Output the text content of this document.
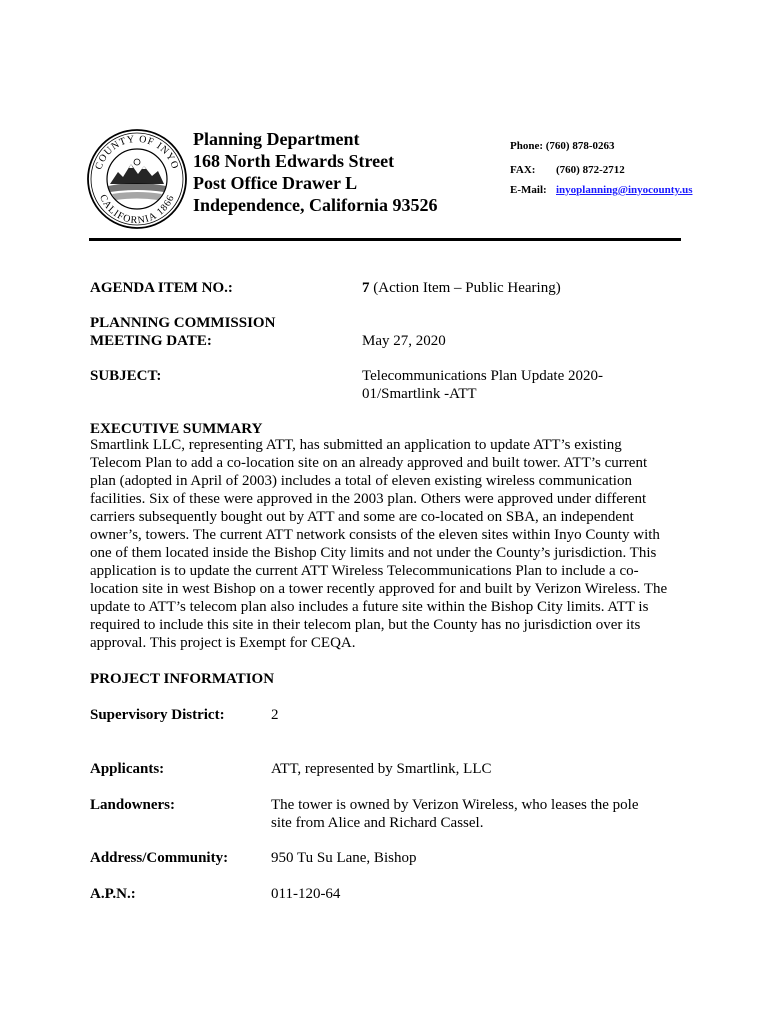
COUNTY OF INYO
CALIFORNIA 1866
Planning Department
168 North Edwards Street
Post Office Drawer L
Independence, California 93526
Phone: (760) 878-0263
FAX: (760) 872-2712
E-Mail: inyoplanning@inyocounty.us
AGENDA ITEM NO.:	7 (Action Item – Public Hearing)
PLANNING COMMISSION
MEETING DATE:	May 27, 2020
SUBJECT:	Telecommunications Plan Update 2020-
01/Smartlink -ATT
EXECUTIVE SUMMARY
Smartlink LLC, representing ATT, has submitted an application to update ATT’s existing
Telecom Plan to add a co-location site on an already approved and built tower. ATT’s current
plan (adopted in April of 2003) includes a total of eleven existing wireless communication
facilities. Six of these were approved in the 2003 plan. Others were approved under different
carriers subsequently bought out by ATT and some are co-located on SBA, an independent
owner’s, towers. The current ATT network consists of the eleven sites within Inyo County with
one of them located inside the Bishop City limits and not under the County’s jurisdiction. This
application is to update the current ATT Wireless Telecommunications Plan to include a co-
location site in west Bishop on a tower recently approved for and built by Verizon Wireless. The
update to ATT’s telecom plan also includes a future site within the Bishop City limits. ATT is
required to include this site in their telecom plan, but the County has no jurisdiction over its
approval. This project is Exempt for CEQA.
PROJECT INFORMATION
Supervisory District:	2
Applicants:	ATT, represented by Smartlink, LLC
Landowners:	The tower is owned by Verizon Wireless, who leases the pole
site from Alice and Richard Cassel.
Address/Community:	950 Tu Su Lane, Bishop
A.P.N.:	011-120-64
